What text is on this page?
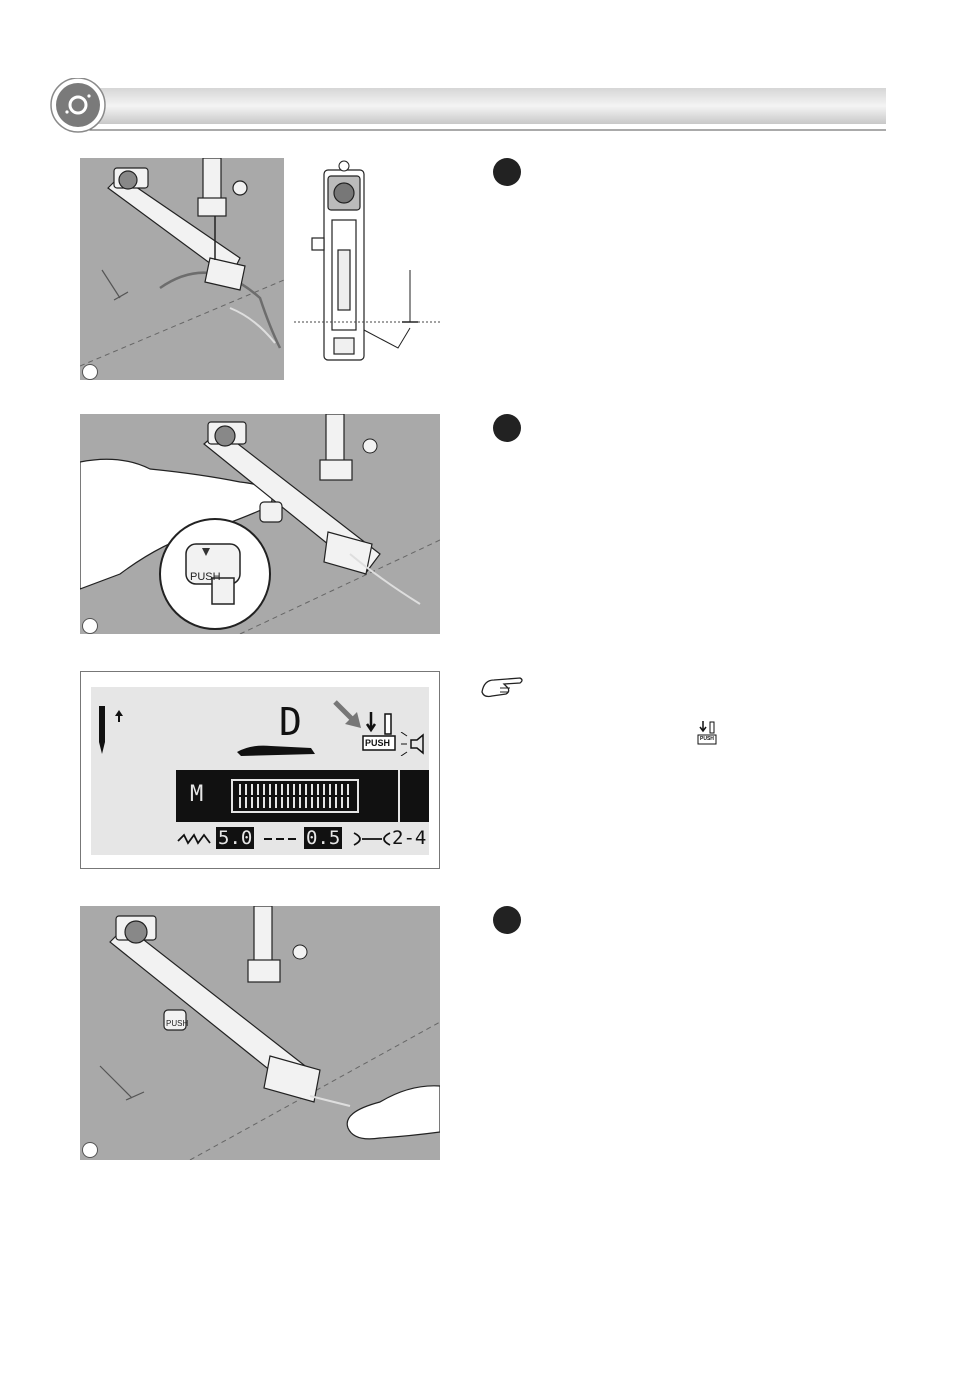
PUSH
D	PUSH
M
5.0	0.5	2-4
PUSH
PUSH
